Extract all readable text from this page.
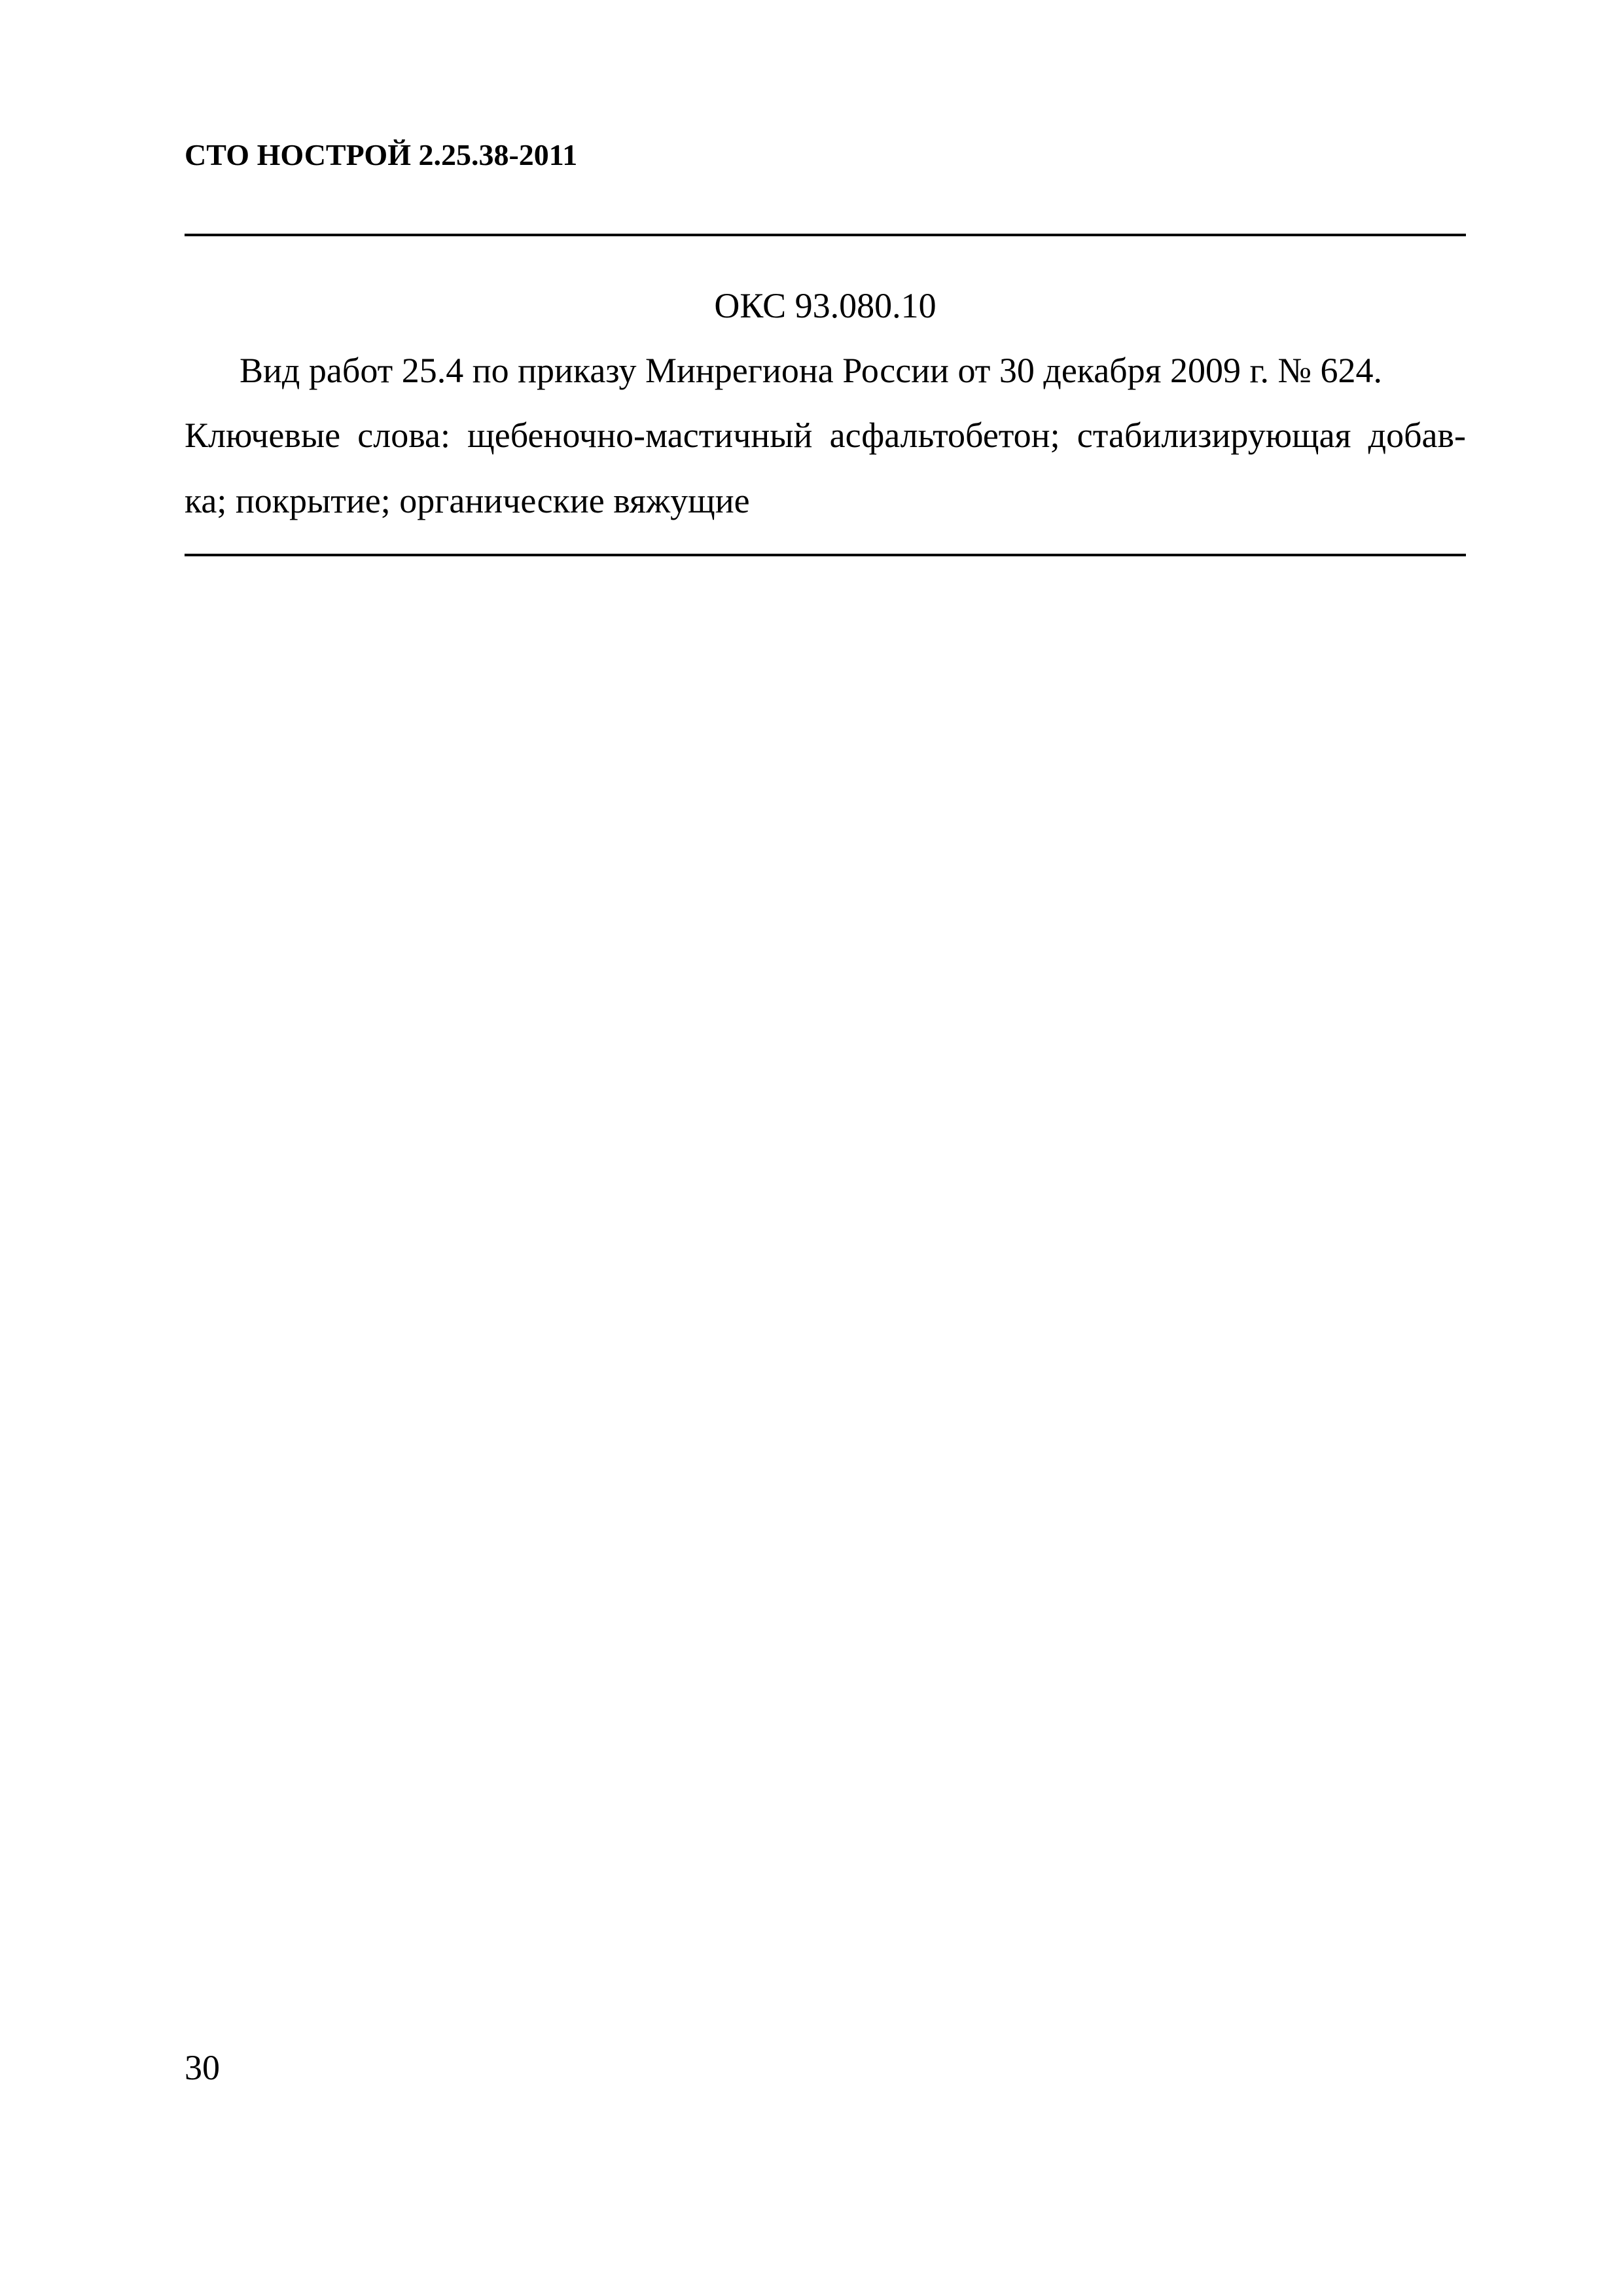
СТО НОСТРОЙ 2.25.38-2011
ОКС 93.080.10
Вид работ 25.4 по приказу Минрегиона России от 30 декабря 2009 г. № 624.
Ключевые слова: щебеночно-мастичный асфальтобетон; стабилизирующая добав-
ка; покрытие; органические вяжущие
30
